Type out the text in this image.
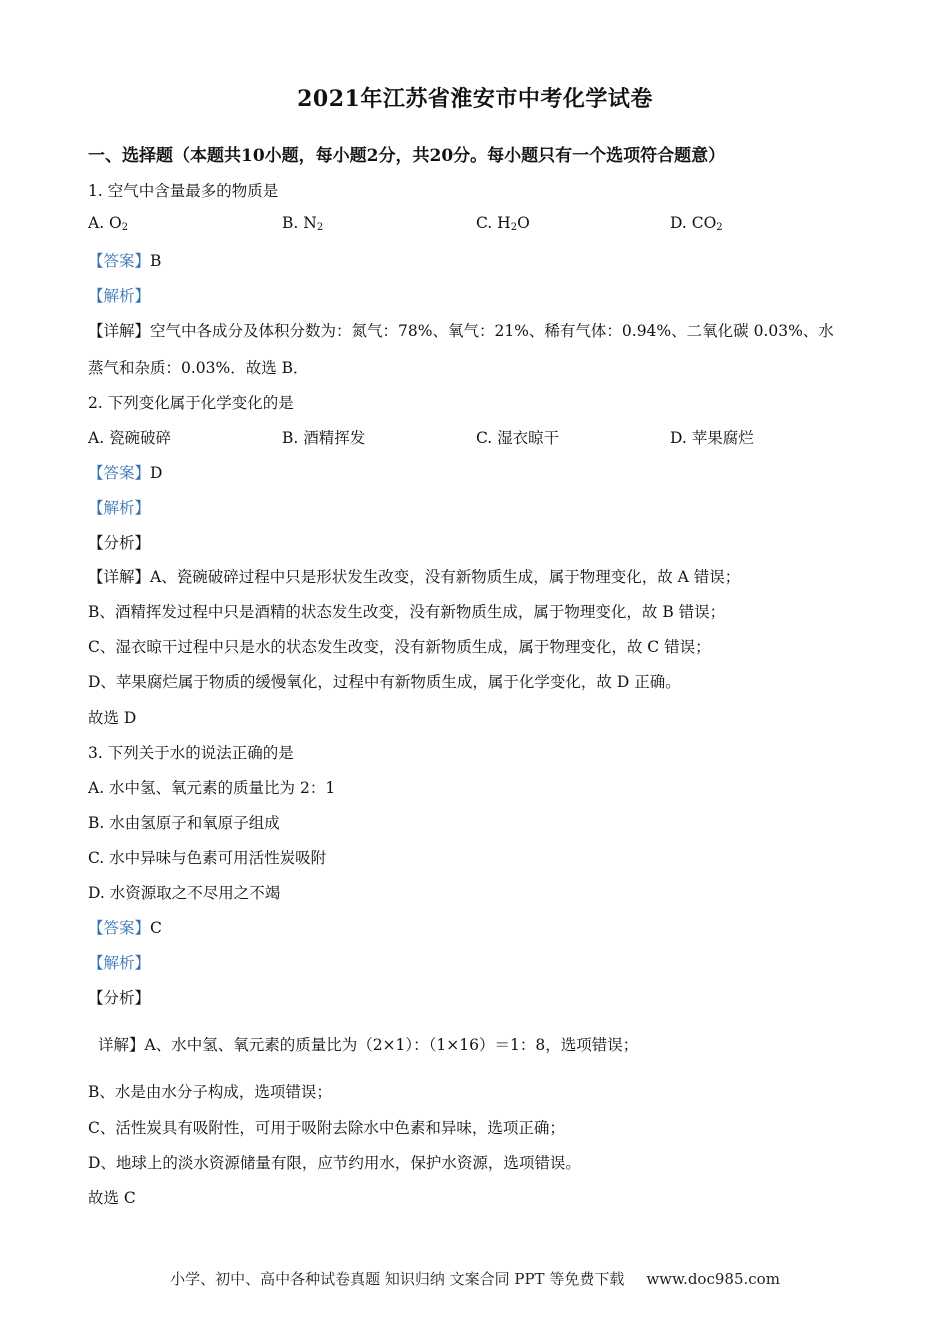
2021年江苏省淮安市中考化学试卷
一、选择题（本题共10小题，每小题2分，共20分。每小题只有一个选项符合题意）
1. 空气中含量最多的物质是
A. $O_2$	B. $N_2$	C. $H_2O$	D. $CO_2$
【答案】B
【解析】
【详解】空气中各成分及体积分数为：氮气：78%、氧气：21%、稀有气体：0.94%、二氧化碳 0.03%、水
蒸气和杂质：0.03%．故选 B．
2. 下列变化属于化学变化的是
A. 瓷碗破碎	B. 酒精挥发	C. 湿衣晾干	D. 苹果腐烂
【答案】D
【解析】
【分析】
【详解】A、瓷碗破碎过程中只是形状发生改变，没有新物质生成，属于物理变化，故 A 错误；
B、酒精挥发过程中只是酒精的状态发生改变，没有新物质生成，属于物理变化，故 B 错误；
C、湿衣晾干过程中只是水的状态发生改变，没有新物质生成，属于物理变化，故 C 错误；
D、苹果腐烂属于物质的缓慢氧化，过程中有新物质生成，属于化学变化，故 D 正确。
故选 D
3. 下列关于水的说法正确的是
A. 水中氢、氧元素的质量比为 2：1
B. 水由氢原子和氧原子组成
C. 水中异味与色素可用活性炭吸附
D. 水资源取之不尽用之不竭
【答案】C
【解析】
【分析】
详解】A、水中氢、氧元素的质量比为（2×1）：（1×16）＝1：8，选项错误；
B、水是由水分子构成，选项错误；
C、活性炭具有吸附性，可用于吸附去除水中色素和异味，选项正确；
D、地球上的淡水资源储量有限，应节约用水，保护水资源，选项错误。
故选 C
小学、初中、高中各种试卷真题 知识归纳 文案合同 PPT 等免费下载 www.doc985.com
